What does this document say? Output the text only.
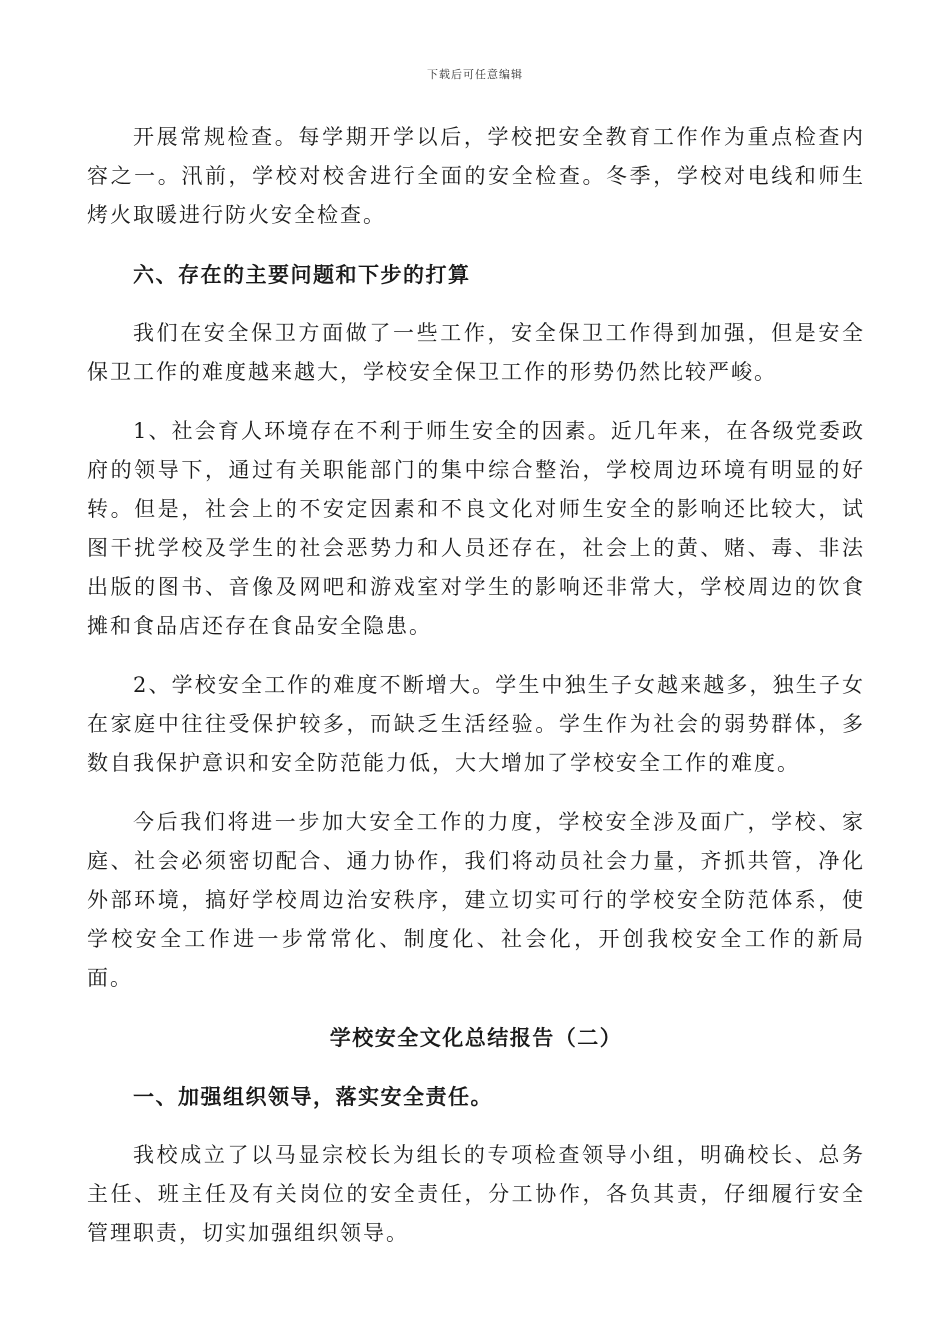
下载后可任意编辑

开展常规检查。每学期开学以后，学校把安全教育工作作为重点检查内容之一。汛前，学校对校舍进行全面的安全检查。冬季，学校对电线和师生烤火取暖进行防火安全检查。

六、存在的主要问题和下步的打算

我们在安全保卫方面做了一些工作，安全保卫工作得到加强，但是安全保卫工作的难度越来越大，学校安全保卫工作的形势仍然比较严峻。

1、社会育人环境存在不利于师生安全的因素。近几年来，在各级党委政府的领导下，通过有关职能部门的集中综合整治，学校周边环境有明显的好转。但是，社会上的不安定因素和不良文化对师生安全的影响还比较大，试图干扰学校及学生的社会恶势力和人员还存在，社会上的黄、赌、毒、非法出版的图书、音像及网吧和游戏室对学生的影响还非常大，学校周边的饮食摊和食品店还存在食品安全隐患。

2、学校安全工作的难度不断增大。学生中独生子女越来越多，独生子女在家庭中往往受保护较多，而缺乏生活经验。学生作为社会的弱势群体，多数自我保护意识和安全防范能力低，大大增加了学校安全工作的难度。

今后我们将进一步加大安全工作的力度，学校安全涉及面广，学校、家庭、社会必须密切配合、通力协作，我们将动员社会力量，齐抓共管，净化外部环境，搞好学校周边治安秩序，建立切实可行的学校安全防范体系，使学校安全工作进一步常常化、制度化、社会化，开创我校安全工作的新局面。

学校安全文化总结报告（二）

一、加强组织领导，落实安全责任。

我校成立了以马显宗校长为组长的专项检查领导小组，明确校长、总务主任、班主任及有关岗位的安全责任，分工协作，各负其责，仔细履行安全管理职责，切实加强组织领导。
